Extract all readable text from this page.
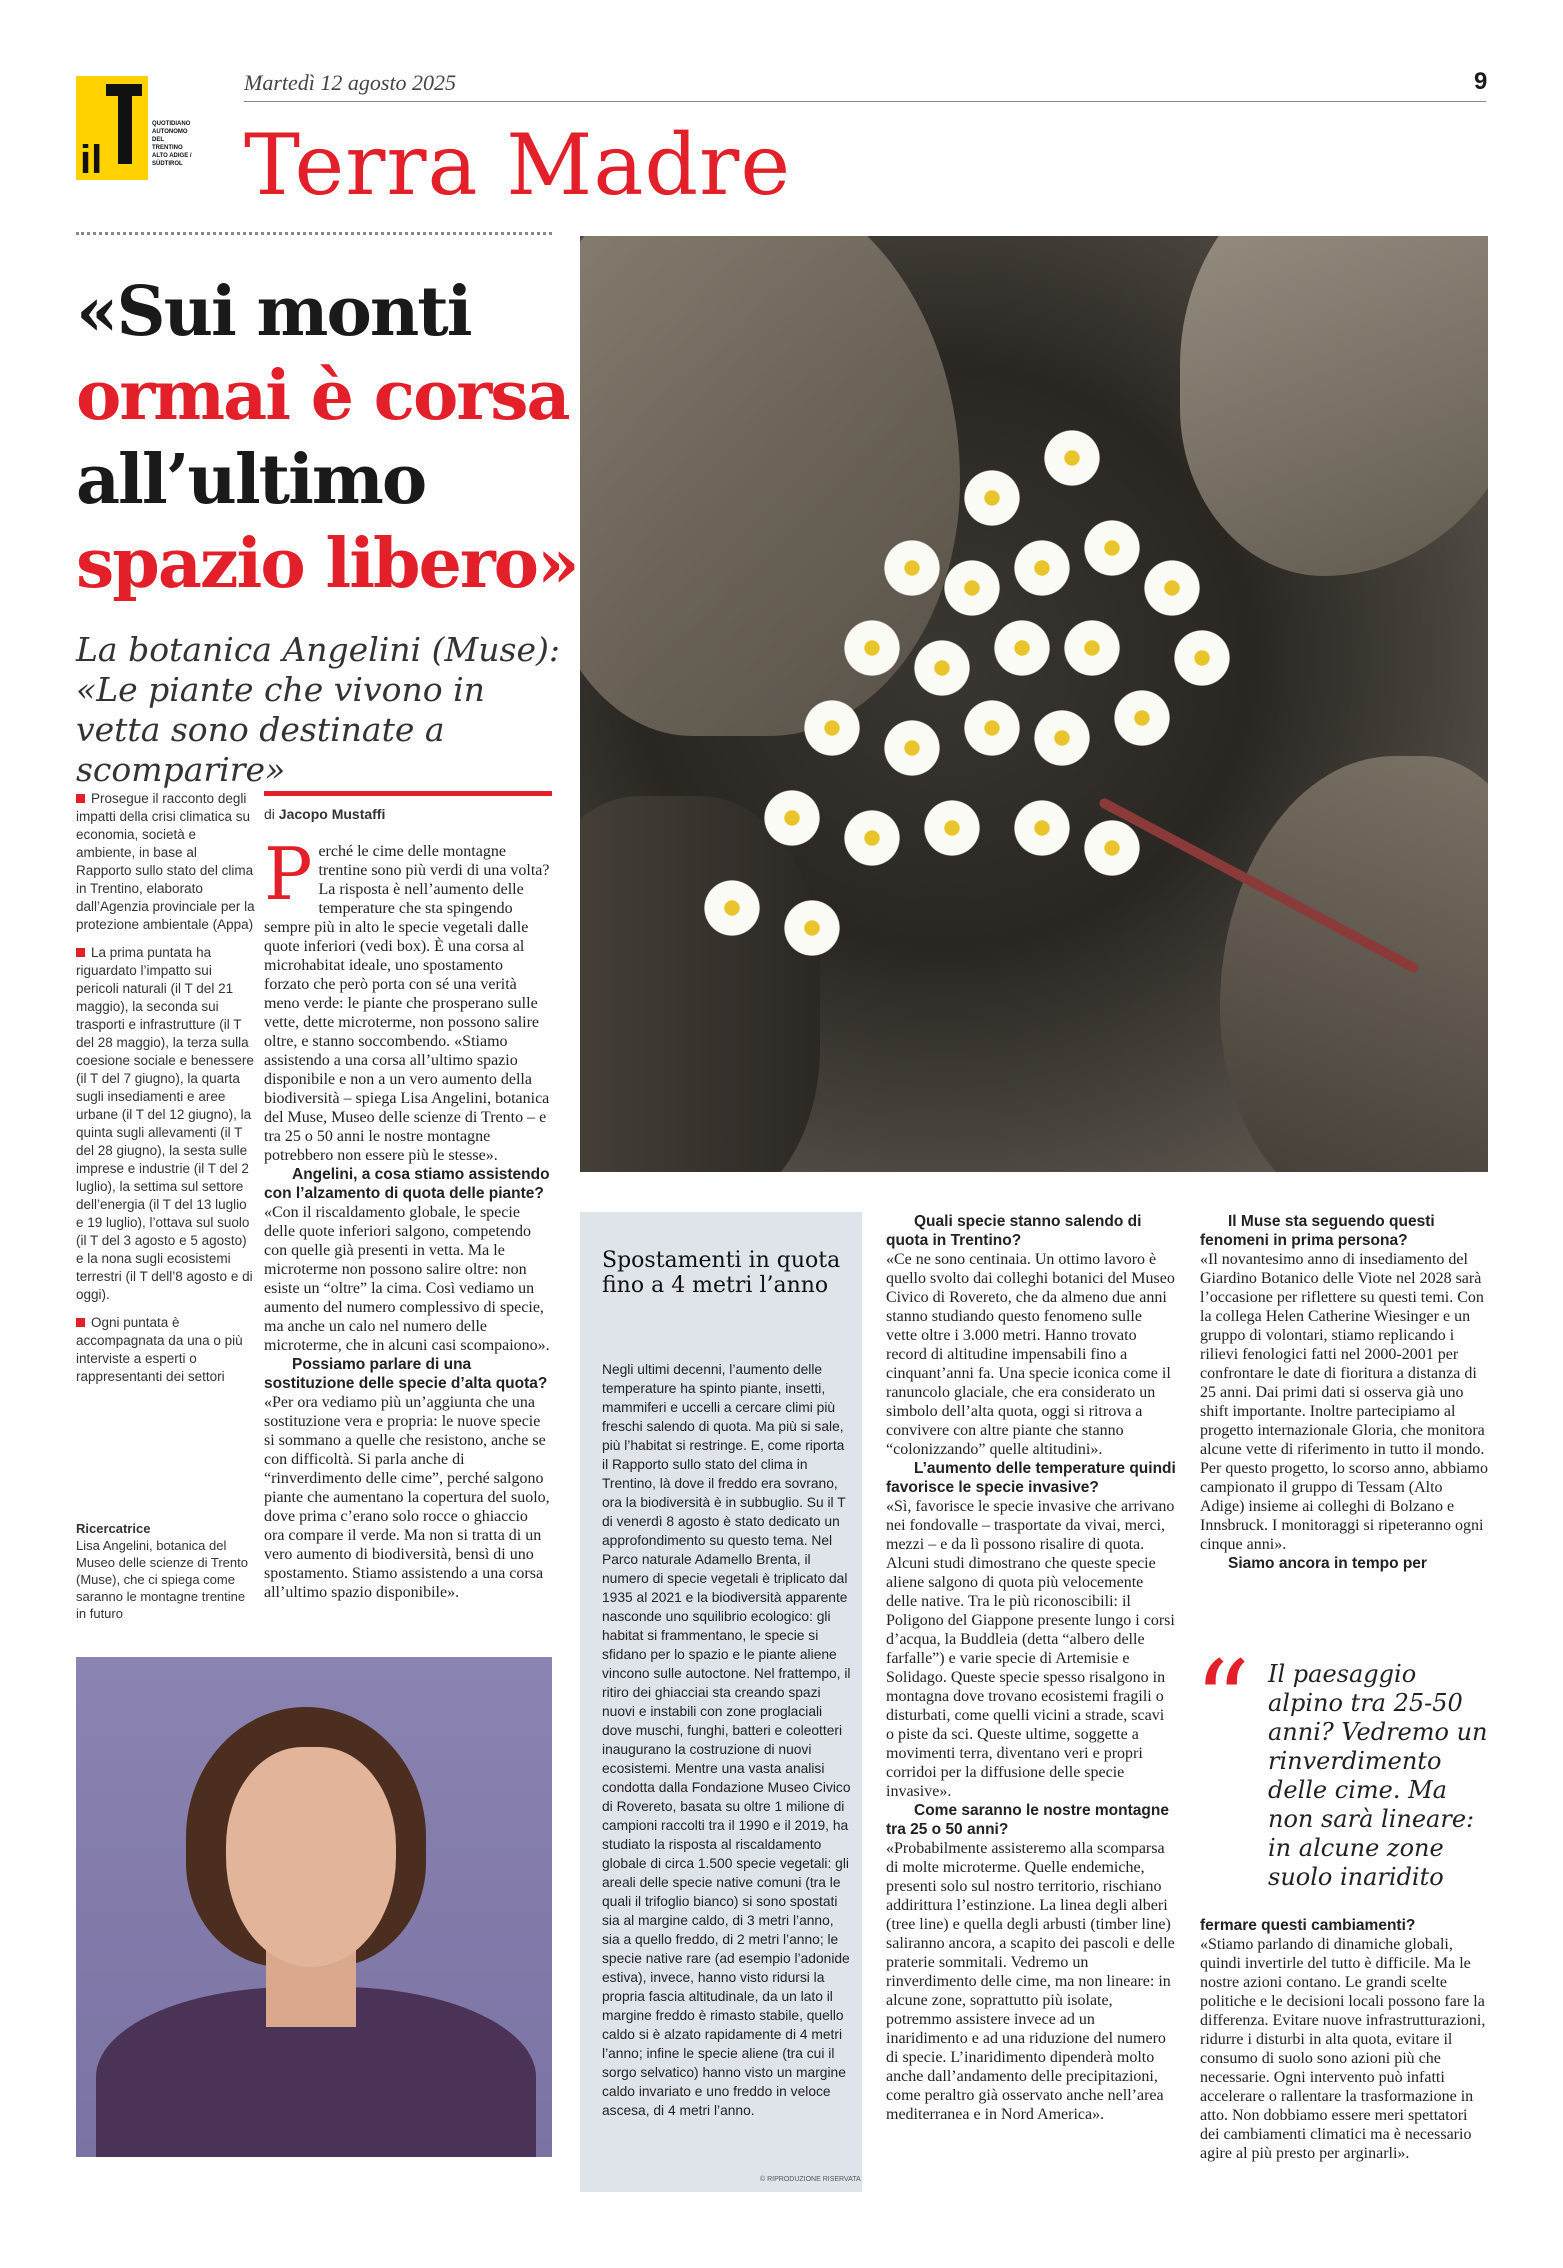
il
QUOTIDIANO AUTONOMO DEL TRENTINO ALTO ADIGE / SÜDTIROL
Martedì 12 agosto 2025	9
Terra Madre
«Sui monti
ormai è corsa
all’ultimo
spazio libero»
La botanica Angelini (Muse): «Le piante che vivono in vetta sono destinate a scomparire»

Prosegue il racconto degli impatti della crisi climatica su economia, società e ambiente, in base al Rapporto sullo stato del clima in Trentino, elaborato dall’Agenzia provinciale per la protezione ambientale (Appa)

La prima puntata ha riguardato l’impatto sui pericoli naturali (il T del 21 maggio), la seconda sui trasporti e infrastrutture (il T del 28 maggio), la terza sulla coesione sociale e benessere (il T del 7 giugno), la quarta sugli insediamenti e aree urbane (il T del 12 giugno), la quinta sugli allevamenti (il T del 28 giugno), la sesta sulle imprese e industrie (il T del 2 luglio), la settima sul settore dell’energia (il T del 13 luglio e 19 luglio), l’ottava sul suolo (il T del 3 agosto e 5 agosto) e la nona sugli ecosistemi terrestri (il T dell’8 agosto e di oggi).

Ogni puntata è accompagnata da una o più interviste a esperti o rappresentanti dei settori

Ricercatrice
Lisa Angelini, botanica del Museo delle scienze di Trento (Muse), che ci spiega come saranno le montagne trentine in futuro
di Jacopo Mustaffi

Perché le cime delle montagne trentine sono più verdi di una volta? La risposta è nell’aumento delle temperature che sta spingendo sempre più in alto le specie vegetali dalle quote inferiori (vedi box). È una corsa al microhabitat ideale, uno spostamento forzato che però porta con sé una verità meno verde: le piante che prosperano sulle vette, dette microterme, non possono salire oltre, e stanno soccombendo. «Stiamo assistendo a una corsa all’ultimo spazio disponibile e non a un vero aumento della biodiversità – spiega Lisa Angelini, botanica del Muse, Museo delle scienze di Trento – e tra 25 o 50 anni le nostre montagne potrebbero non essere più le stesse».

Angelini, a cosa stiamo assistendo con l’alzamento di quota delle piante?

«Con il riscaldamento globale, le specie delle quote inferiori salgono, competendo con quelle già presenti in vetta. Ma le microterme non possono salire oltre: non esiste un “oltre” la cima. Così vediamo un aumento del numero complessivo di specie, ma anche un calo nel numero delle microterme, che in alcuni casi scompaiono».

Possiamo parlare di una sostituzione delle specie d’alta quota?

«Per ora vediamo più un’aggiunta che una sostituzione vera e propria: le nuove specie si sommano a quelle che resistono, anche se con difficoltà. Si parla anche di “rinverdimento delle cime”, perché salgono piante che aumentano la copertura del suolo, dove prima c’erano solo rocce o ghiaccio ora compare il verde. Ma non si tratta di un vero aumento di biodiversità, bensì di uno spostamento. Stiamo assistendo a una corsa all’ultimo spazio disponibile».

Spostamenti in quota fino a 4 metri l’anno
Negli ultimi decenni, l’aumento delle temperature ha spinto piante, insetti, mammiferi e uccelli a cercare climi più freschi salendo di quota. Ma più si sale, più l’habitat si restringe. E, come riporta il Rapporto sullo stato del clima in Trentino, là dove il freddo era sovrano, ora la biodiversità è in subbuglio. Su il T di venerdì 8 agosto è stato dedicato un approfondimento su questo tema. Nel Parco naturale Adamello Brenta, il numero di specie vegetali è triplicato dal 1935 al 2021 e la biodiversità apparente nasconde uno squilibrio ecologico: gli habitat si frammentano, le specie si sfidano per lo spazio e le piante aliene vincono sulle autoctone. Nel frattempo, il ritiro dei ghiacciai sta creando spazi nuovi e instabili con zone proglaciali dove muschi, funghi, batteri e coleotteri inaugurano la costruzione di nuovi ecosistemi. Mentre una vasta analisi condotta dalla Fondazione Museo Civico di Rovereto, basata su oltre 1 milione di campioni raccolti tra il 1990 e il 2019, ha studiato la risposta al riscaldamento globale di circa 1.500 specie vegetali: gli areali delle specie native comuni (tra le quali il trifoglio bianco) si sono spostati sia al margine caldo, di 3 metri l’anno, sia a quello freddo, di 2 metri l’anno; le specie native rare (ad esempio l’adonide estiva), invece, hanno visto ridursi la propria fascia altitudinale, da un lato il margine freddo è rimasto stabile, quello caldo si è alzato rapidamente di 4 metri l’anno; infine le specie aliene (tra cui il sorgo selvatico) hanno visto un margine caldo invariato e uno freddo in veloce ascesa, di 4 metri l’anno.
© RIPRODUZIONE RISERVATA

Quali specie stanno salendo di quota in Trentino?

«Ce ne sono centinaia. Un ottimo lavoro è quello svolto dai colleghi botanici del Museo Civico di Rovereto, che da almeno due anni stanno studiando questo fenomeno sulle vette oltre i 3.000 metri. Hanno trovato record di altitudine impensabili fino a cinquant’anni fa. Una specie iconica come il ranuncolo glaciale, che era considerato un simbolo dell’alta quota, oggi si ritrova a convivere con altre piante che stanno “colonizzando” quelle altitudini».

L’aumento delle temperature quindi favorisce le specie invasive?

«Sì, favorisce le specie invasive che arrivano nei fondovalle – trasportate da vivai, merci, mezzi – e da lì possono risalire di quota. Alcuni studi dimostrano che queste specie aliene salgono di quota più velocemente delle native. Tra le più riconoscibili: il Poligono del Giappone presente lungo i corsi d’acqua, la Buddleia (detta “albero delle farfalle”) e varie specie di Artemisie e Solidago. Queste specie spesso risalgono in montagna dove trovano ecosistemi fragili o disturbati, come quelli vicini a strade, scavi o piste da sci. Queste ultime, soggette a movimenti terra, diventano veri e propri corridoi per la diffusione delle specie invasive».

Come saranno le nostre montagne tra 25 o 50 anni?

«Probabilmente assisteremo alla scomparsa di molte microterme. Quelle endemiche, presenti solo sul nostro territorio, rischiano addirittura l’estinzione. La linea degli alberi (tree line) e quella degli arbusti (timber line) saliranno ancora, a scapito dei pascoli e delle praterie sommitali. Vedremo un rinverdimento delle cime, ma non lineare: in alcune zone, soprattutto più isolate, potremmo assistere invece ad un inaridimento e ad una riduzione del numero di specie. L’inaridimento dipenderà molto anche dall’andamento delle precipitazioni, come peraltro già osservato anche nell’area mediterranea e in Nord America».

Il Muse sta seguendo questi fenomeni in prima persona?

«Il novantesimo anno di insediamento del Giardino Botanico delle Viote nel 2028 sarà l’occasione per riflettere su questi temi. Con la collega Helen Catherine Wiesinger e un gruppo di volontari, stiamo replicando i rilievi fenologici fatti nel 2000-2001 per confrontare le date di fioritura a distanza di 25 anni. Dai primi dati si osserva già uno shift importante. Inoltre partecipiamo al progetto internazionale Gloria, che monitora alcune vette di riferimento in tutto il mondo. Per questo progetto, lo scorso anno, abbiamo campionato il gruppo di Tessam (Alto Adige) insieme ai colleghi di Bolzano e Innsbruck. I monitoraggi si ripeteranno ogni cinque anni».

Siamo ancora in tempo per

“ Il paesaggio alpino tra 25-50 anni? Vedremo un rinverdimento delle cime. Ma non sarà lineare: in alcune zone suolo inaridito

fermare questi cambiamenti?

«Stiamo parlando di dinamiche globali, quindi invertirle del tutto è difficile. Ma le nostre azioni contano. Le grandi scelte politiche e le decisioni locali possono fare la differenza. Evitare nuove infrastrutturazioni, ridurre i disturbi in alta quota, evitare il consumo di suolo sono azioni più che necessarie. Ogni intervento può infatti accelerare o rallentare la trasformazione in atto. Non dobbiamo essere meri spettatori dei cambiamenti climatici ma è necessario agire al più presto per arginarli».
